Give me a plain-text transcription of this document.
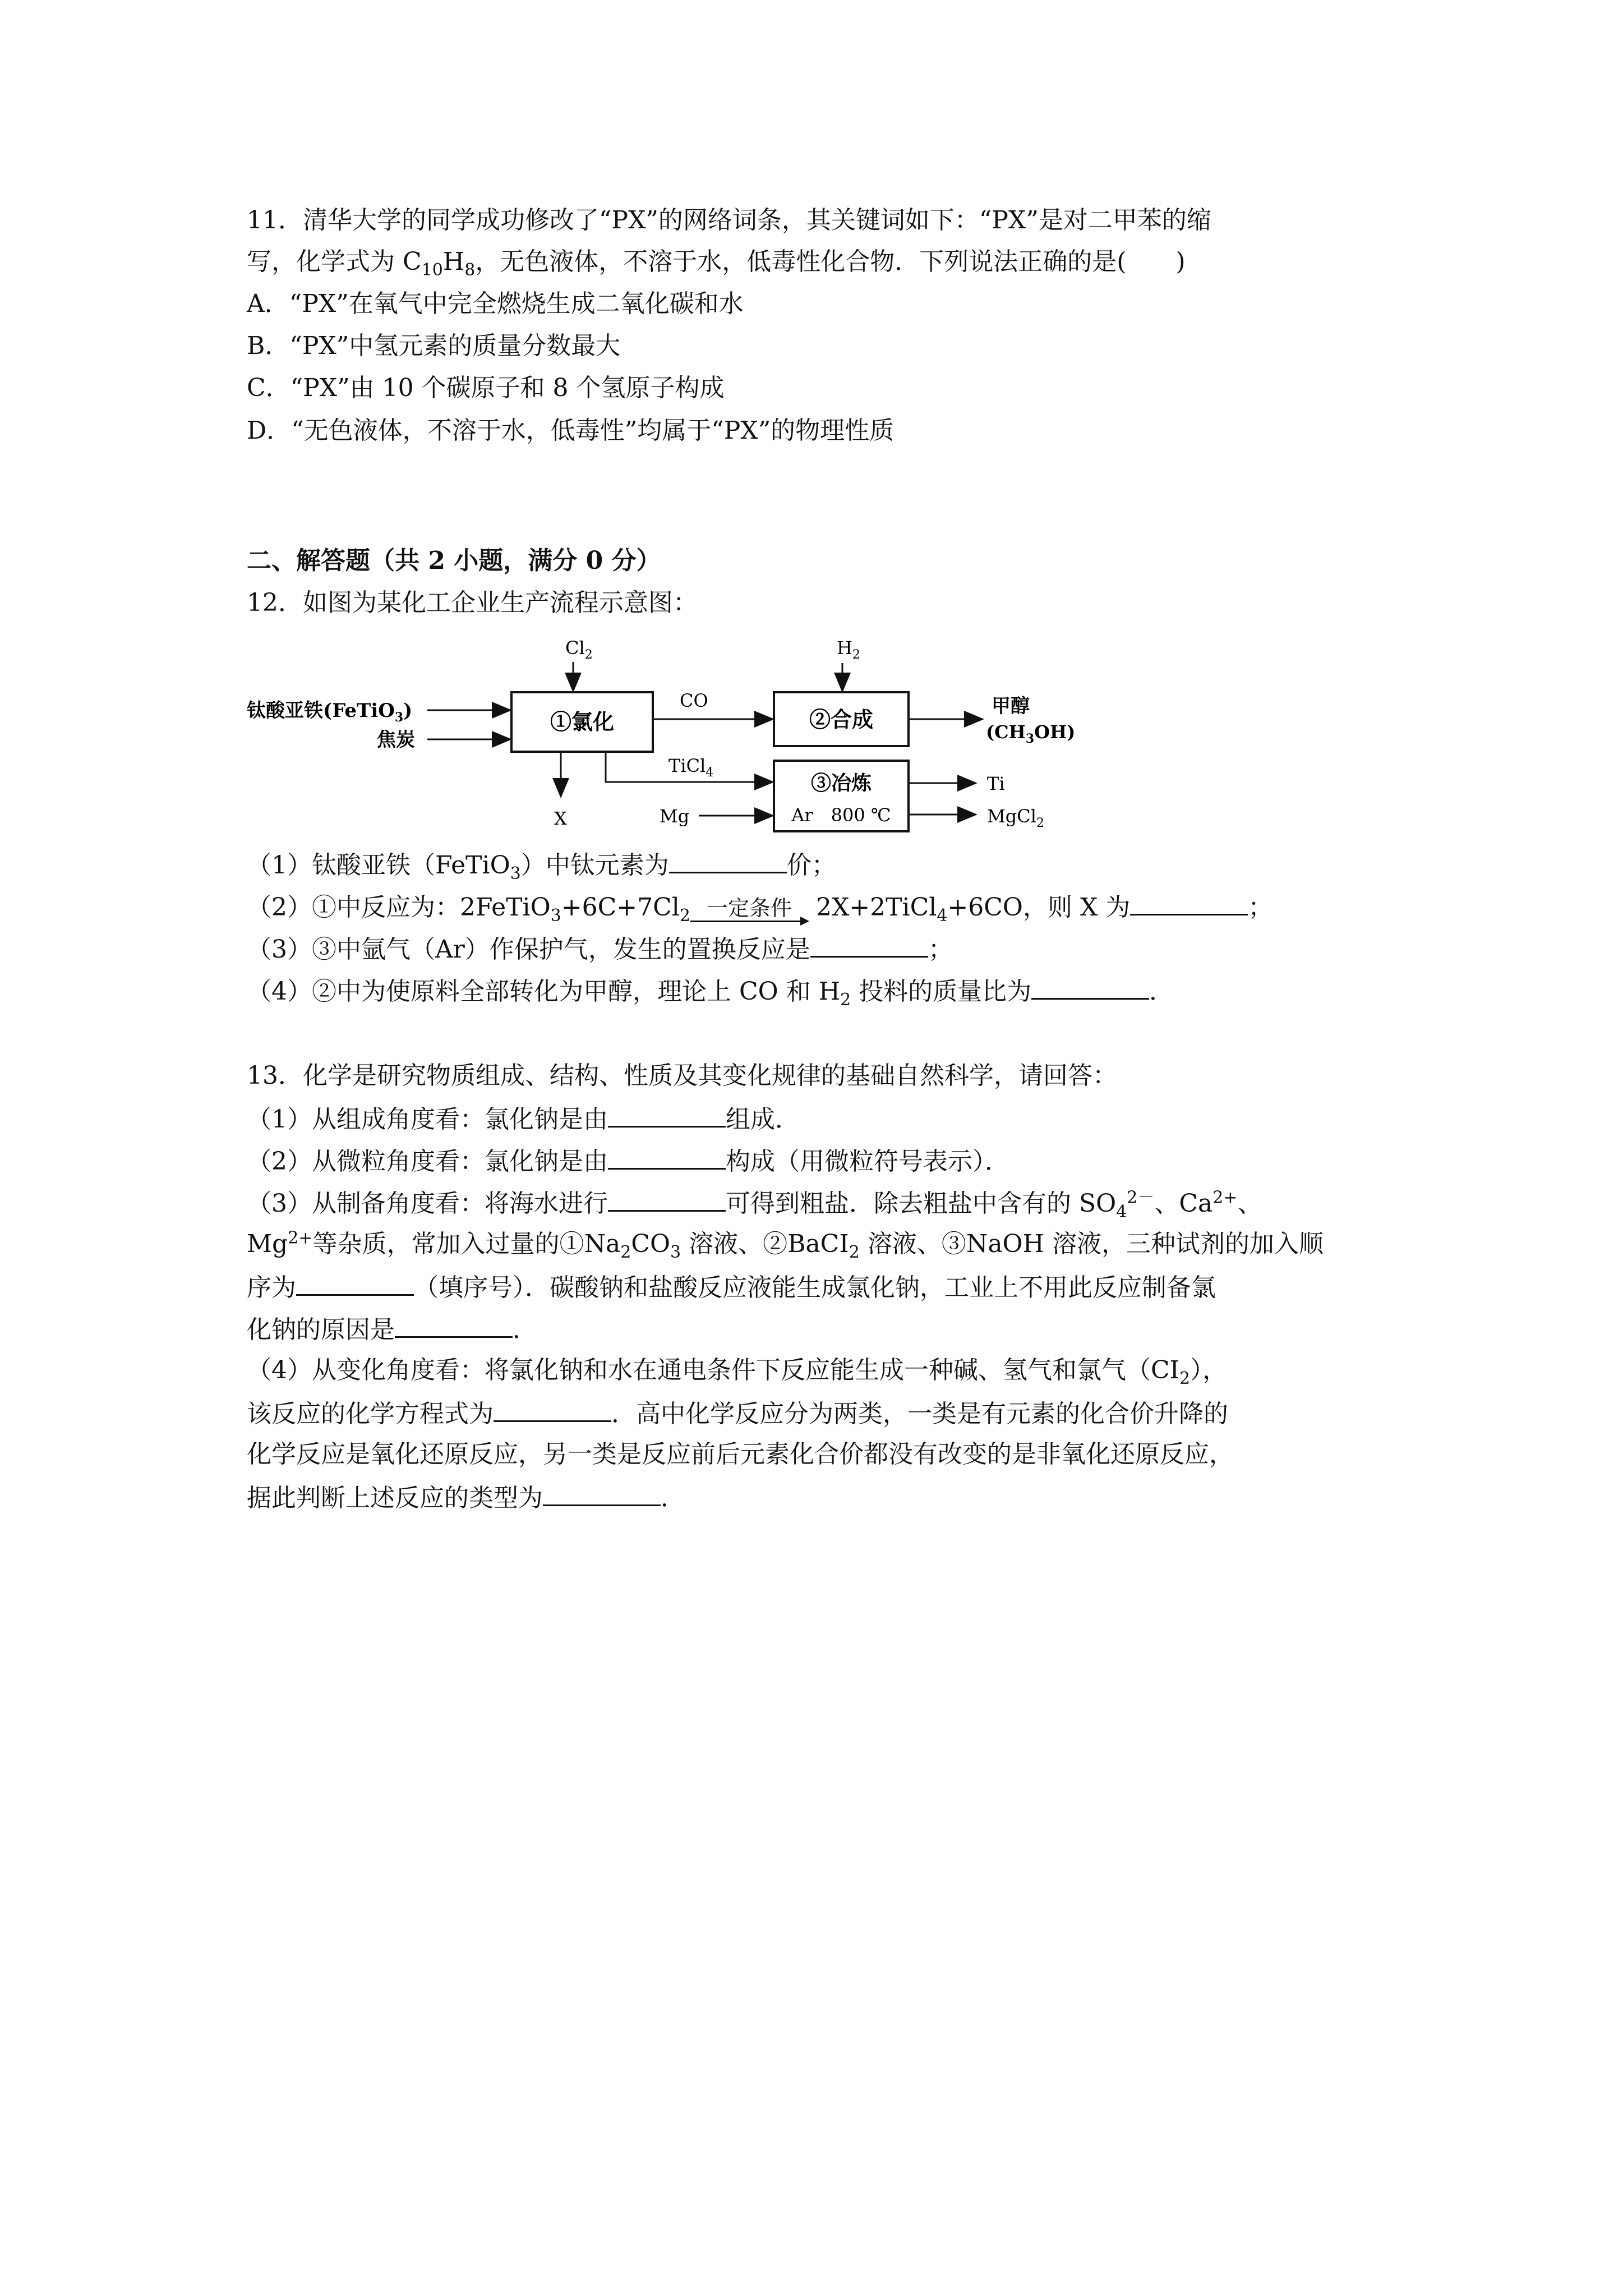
11．清华大学的同学成功修改了“PX”的网络词条，其关键词如下：“PX”是对二甲苯的缩
写，化学式为 $C_{10}H_8$，无色液体，不溶于水，低毒性化合物．下列说法正确的是(　　)
A．“PX”在氧气中完全燃烧生成二氧化碳和水
B．“PX”中氢元素的质量分数最大
C．“PX”由 10 个碳原子和 8 个氢原子构成
D．“无色液体，不溶于水，低毒性”均属于“PX”的物理性质
二、解答题（共 2 小题，满分 0 分）
12．如图为某化工企业生产流程示意图：
钛酸亚铁(FeTiO$_3$)
焦炭
$Cl_2$
①氯化
X
CO
$H_2$
②合成
甲醇
$(CH_3OH)$
TiCl$_4$
Mg
③冶炼
Ar　800 ℃
Ti
MgCl$_2$
（1）钛酸亚铁（FeTiO$_3$）中钛元素为	价；
（2）①中反应为：$2FeTiO_3+6C+7Cl_2$ 一定条件 2X+2TiCl$_4$+6CO，则 X 为	；
（3）③中氩气（Ar）作保护气，发生的置换反应是	；
（4）②中为使原料全部转化为甲醇，理论上 CO 和 $H_2$ 投料的质量比为	．
13．化学是研究物质组成、结构、性质及其变化规律的基础自然科学，请回答：
（1）从组成角度看：氯化钠是由	组成．
（2）从微粒角度看：氯化钠是由	构成（用微粒符号表示）．
（3）从制备角度看：将海水进行	可得到粗盐．除去粗盐中含有的 $SO_4^{2-}$、$Ca^{2+}$、
$Mg^{2+}$等杂质，常加入过量的$①Na_2CO_3$ 溶液、②BaCI$_2$ 溶液、③NaOH 溶液，三种试剂的加入顺
序为	（填序号）．碳酸钠和盐酸反应液能生成氯化钠，工业上不用此反应制备氯
化钠的原因是	．
（4）从变化角度看：将氯化钠和水在通电条件下反应能生成一种碱、氢气和氯气$(CI_2)$，
该反应的化学方程式为	．高中化学反应分为两类，一类是有元素的化合价升降的
化学反应是氧化还原反应，另一类是反应前后元素化合价都没有改变的是非氧化还原反应，
据此判断上述反应的类型为	．
